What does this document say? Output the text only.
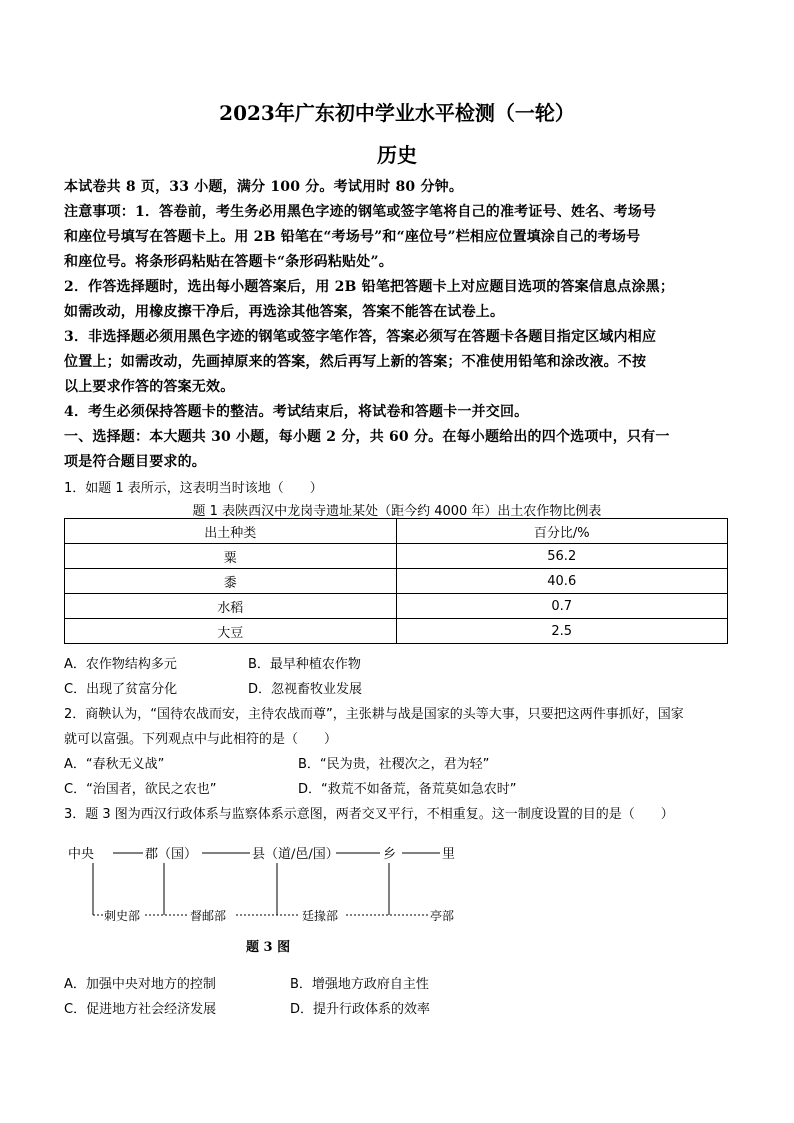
2023年广东初中学业水平检测（一轮）
历史
本试卷共 8 页，33 小题，满分 100 分。考试用时 80 分钟。
注意事项：1．答卷前，考生务必用黑色字迹的钢笔或签字笔将自己的准考证号、姓名、考场号
和座位号填写在答题卡上。用 2B 铅笔在“考场号”和“座位号”栏相应位置填涂自己的考场号
和座位号。将条形码粘贴在答题卡“条形码粘贴处”。
2．作答选择题时，选出每小题答案后，用 2B 铅笔把答题卡上对应题目选项的答案信息点涂黑；
如需改动，用橡皮擦干净后，再选涂其他答案，答案不能答在试卷上。
3．非选择题必须用黑色字迹的钢笔或签字笔作答，答案必须写在答题卡各题目指定区域内相应
位置上；如需改动，先画掉原来的答案，然后再写上新的答案；不准使用铅笔和涂改液。不按
以上要求作答的答案无效。
4．考生必须保持答题卡的整洁。考试结束后，将试卷和答题卡一并交回。
一、选择题：本大题共 30 小题，每小题 2 分，共 60 分。在每小题给出的四个选项中，只有一
项是符合题目要求的。
1．如题 1 表所示，这表明当时该地（　　）
题 1 表陕西汉中龙岗寺遗址某处（距今约 4000 年）出土农作物比例表
出土种类	百分比/%
粟	56.2
黍	40.6
水稻	0.7
大豆	2.5
A．农作物结构多元	B．最早种植农作物
C．出现了贫富分化	D．忽视畜牧业发展
2．商鞅认为，“国待农战而安，主待农战而尊”，主张耕与战是国家的头等大事，只要把这两件事抓好，国家
就可以富强。下列观点中与此相符的是（　　）
A．“春秋无义战”	B．“民为贵，社稷次之，君为轻”
C．“治国者，欲民之农也”	D．“救荒不如备荒，备荒莫如急农时”
3．题 3 图为西汉行政体系与监察体系示意图，两者交叉平行，不相重复。这一制度设置的目的是（　　）
中央	郡（国）	县（道/邑/国）	乡	里
刺史部	督邮部	廷掾部	亭部
题 3 图
A．加强中央对地方的控制	B．增强地方政府自主性
C．促进地方社会经济发展	D．提升行政体系的效率
